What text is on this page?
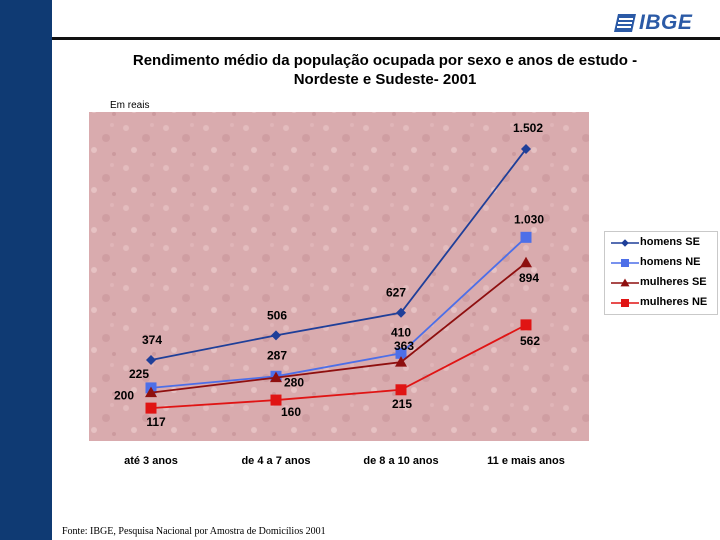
IBGE
Rendimento médio da população ocupada por sexo e anos de estudo -
Nordeste e Sudeste- 2001
Em reais
374
506
627
1.502
225
287
410
1.030
200
280
363
894
117
160
215
562
até 3 anos	de 4 a 7 anos	de 8 a 10 anos	11 e mais anos
homens SE
homens NE
mulheres SE
mulheres NE
Fonte: IBGE, Pesquisa Nacional por Amostra de Domicílios 2001
